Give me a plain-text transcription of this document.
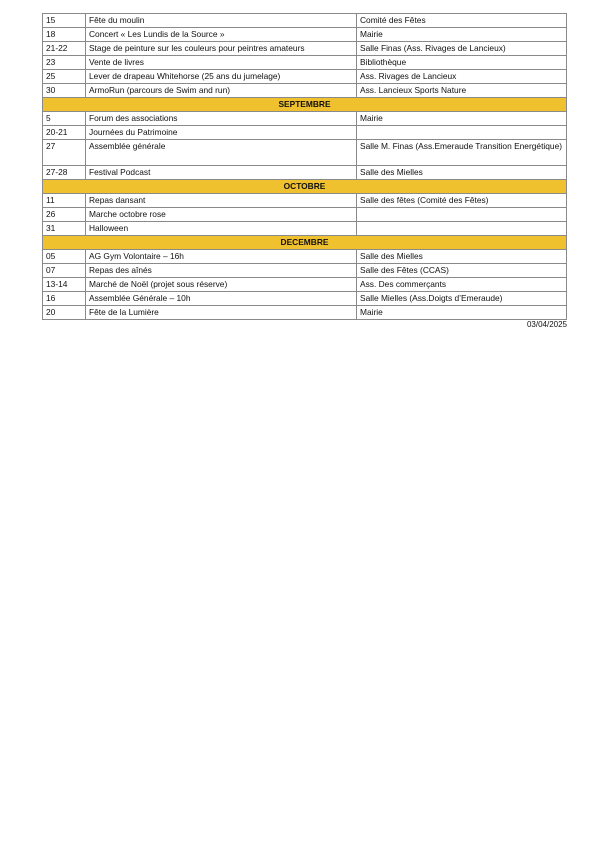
15	Fête du moulin	Comité des Fêtes
18	Concert « Les Lundis de la Source »	Mairie
21-22	Stage de peinture sur les couleurs pour peintres amateurs	Salle Finas (Ass. Rivages de Lancieux)
23	Vente de livres	Bibliothèque
25	Lever de drapeau Whitehorse (25 ans du jumelage)	Ass. Rivages de Lancieux
30	ArmoRun (parcours de Swim and run)	Ass. Lancieux Sports Nature
SEPTEMBRE		
5	Forum des associations	Mairie
20-21	Journées du Patrimoine	
27	Assemblée générale	Salle M. Finas (Ass.Emeraude Transition Energétique)
27-28	Festival Podcast	Salle des Mielles
OCTOBRE		
11	Repas dansant	Salle des fêtes (Comité des Fêtes)
26	Marche octobre rose	
31	Halloween	
DECEMBRE		
05	AG Gym Volontaire – 16h	Salle des Mielles
07	Repas des aînés	Salle des Fêtes (CCAS)
13-14	Marché de Noël (projet sous réserve)	Ass. Des commerçants
16	Assemblée Générale – 10h	Salle Mielles (Ass.Doigts d’Emeraude)
20	Fête de la Lumière	Mairie
03/04/2025
